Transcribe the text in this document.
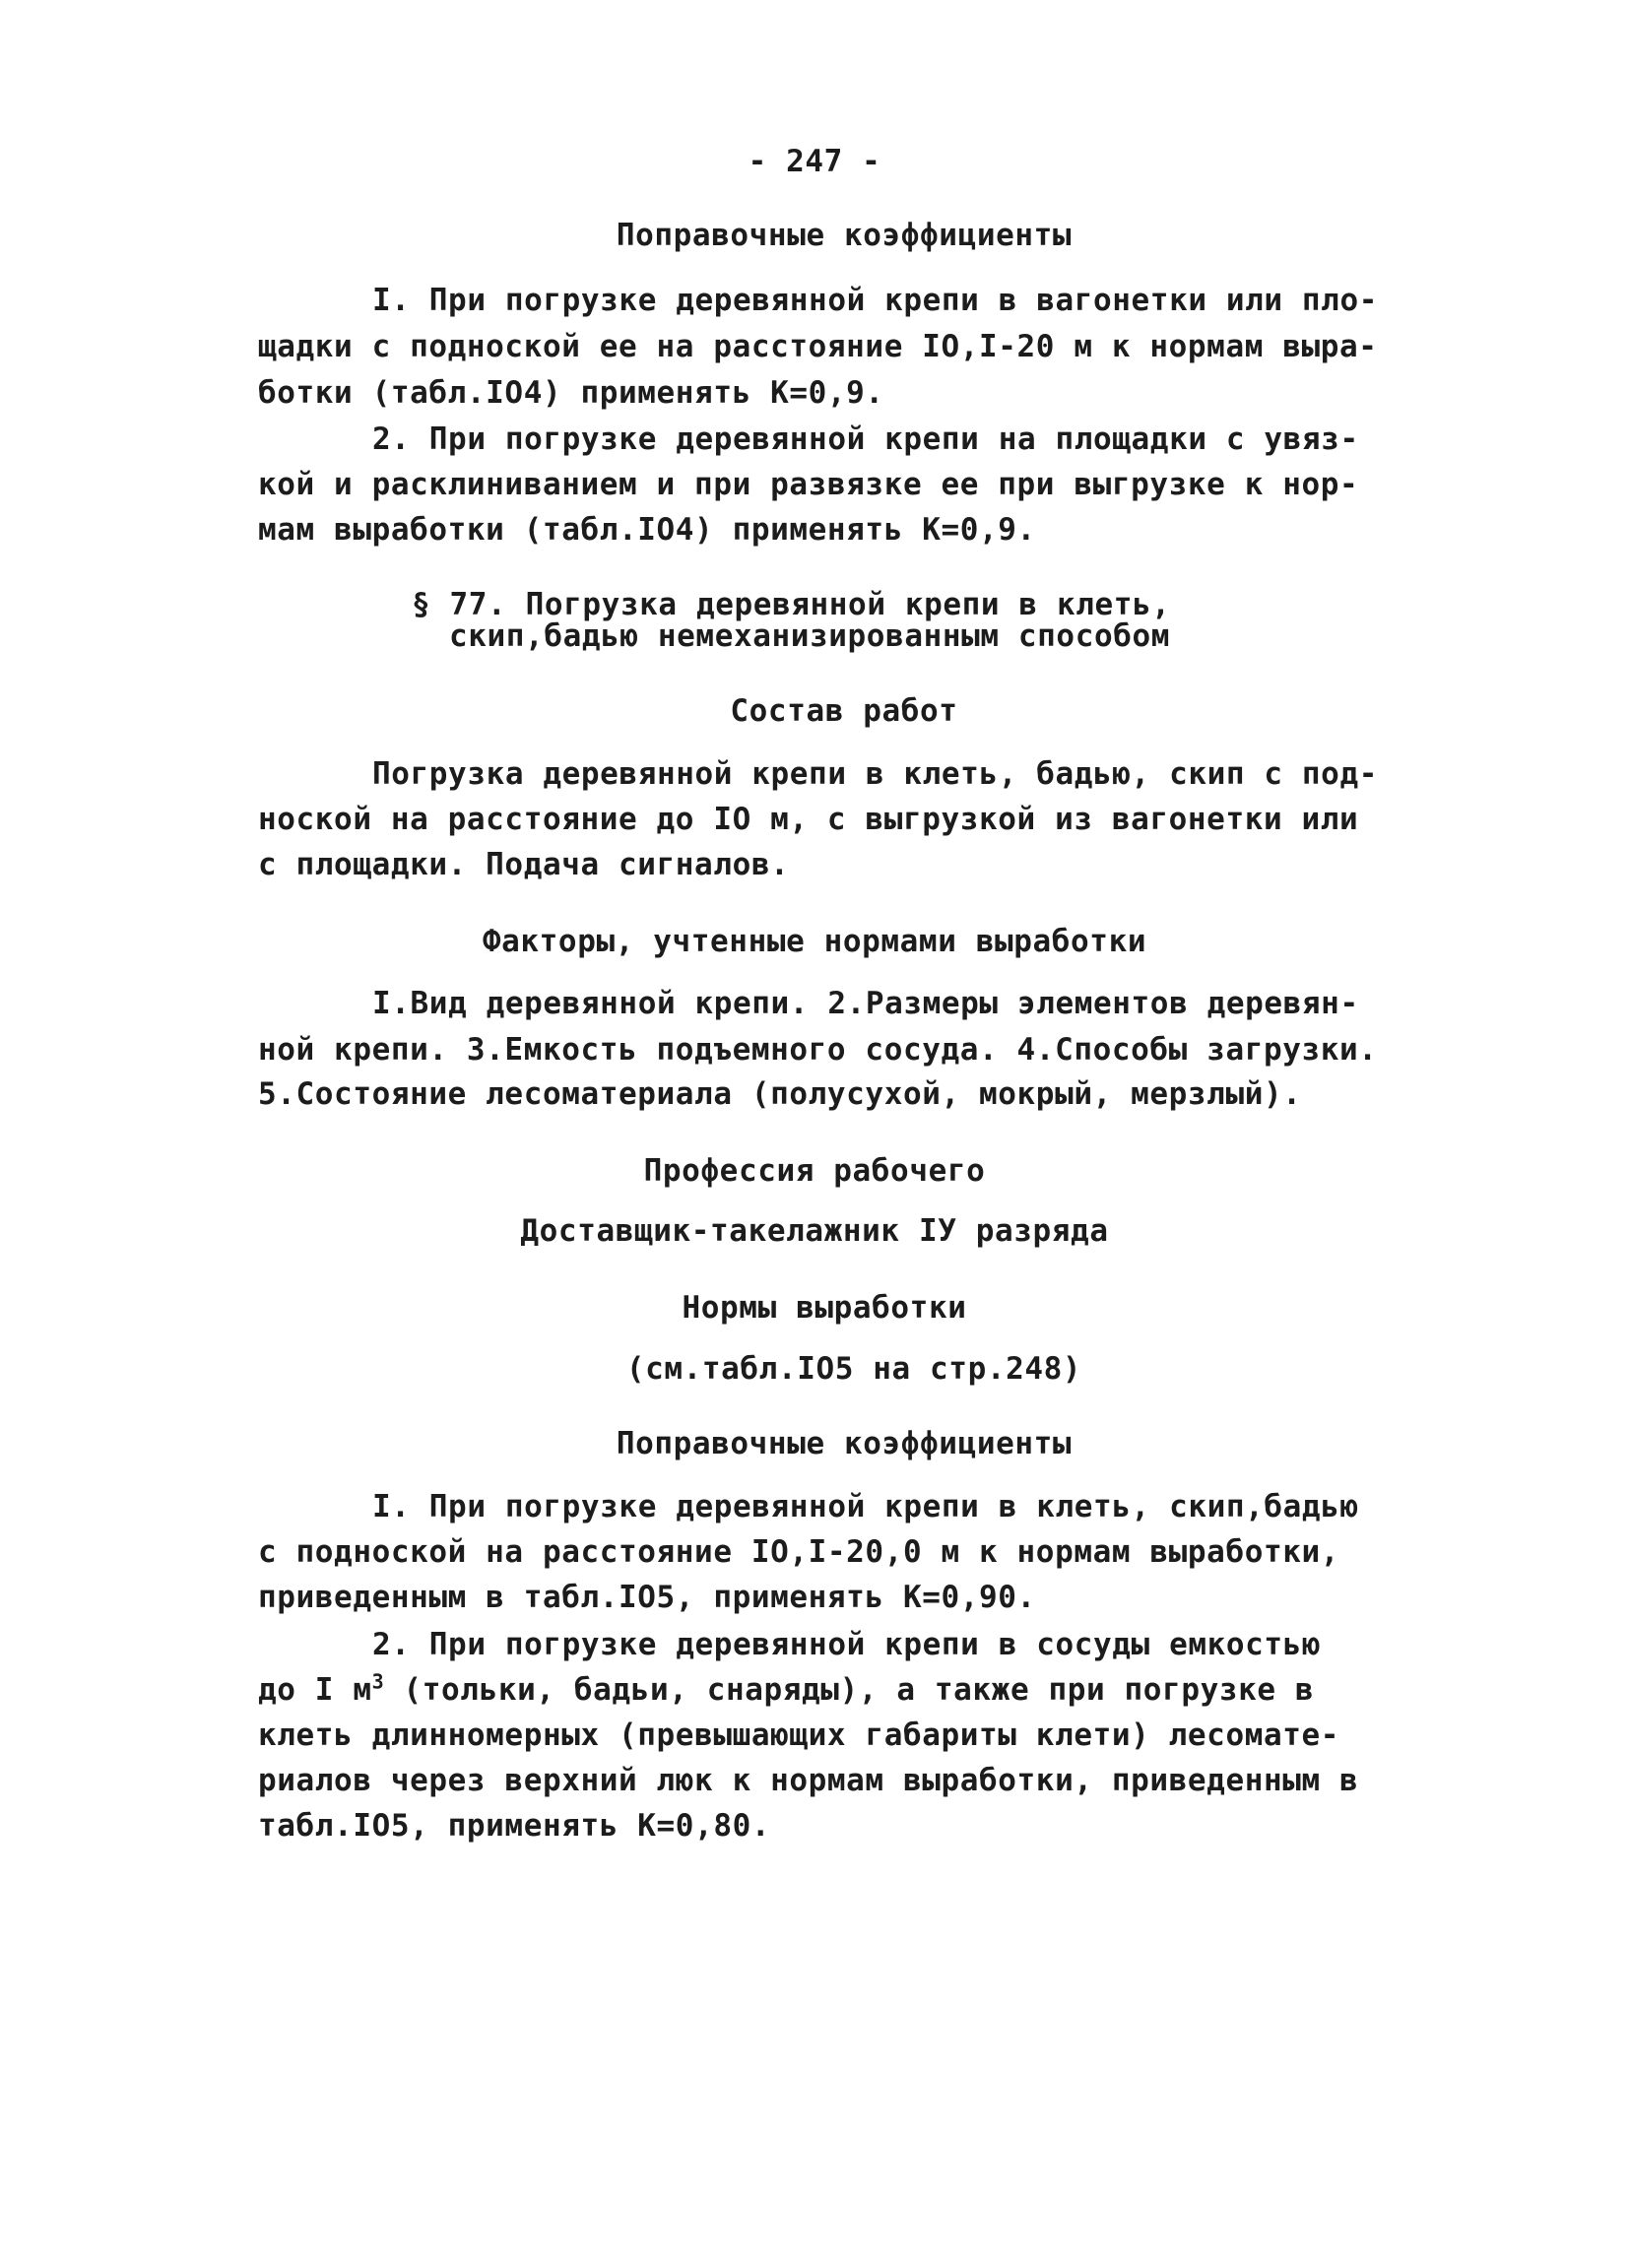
- 247 -
Поправочные коэффициенты
I. При погрузке деревянной крепи в вагонетки или пло-
щадки с подноской ее на расстояние IO,I-20 м к нормам выра-
ботки (табл.IO4) применять K=0,9.
2. При погрузке деревянной крепи на площадки с увяз-
кой и расклиниванием и при развязке ее при выгрузке к нор-
мам выработки (табл.IO4) применять K=0,9.
§ 77. Погрузка деревянной крепи в клеть,
скип,бадью немеханизированным способом
Состав работ
Погрузка деревянной крепи в клеть, бадью, скип с под-
ноской на расстояние до IO м, с выгрузкой из вагонетки или
с площадки. Подача сигналов.
Факторы, учтенные нормами выработки
I.Вид деревянной крепи. 2.Размеры элементов деревян-
ной крепи. 3.Емкость подъемного сосуда. 4.Способы загрузки.
5.Состояние лесоматериала (полусухой, мокрый, мерзлый).
Профессия рабочего
Доставщик-такелажник IУ разряда
Нормы выработки
(см.табл.IO5 на стр.248)
Поправочные коэффициенты
I. При погрузке деревянной крепи в клеть, скип,бадью
с подноской на расстояние IO,I-20,0 м к нормам выработки,
приведенным в табл.IO5, применять K=0,90.
2. При погрузке деревянной крепи в сосуды емкостью
до I $м^3$ (тольки, бадьи, снаряды), а также при погрузке в
клеть длинномерных (превышающих габариты клети) лесомате-
риалов через верхний люк к нормам выработки, приведенным в
табл.IO5, применять K=0,80.
